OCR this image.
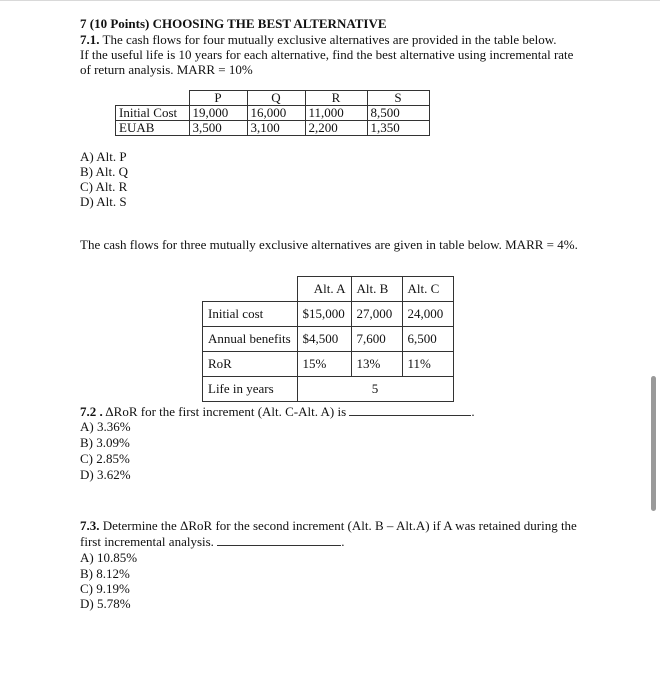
7 (10 Points) CHOOSING THE BEST ALTERNATIVE
7.1. The cash flows for four mutually exclusive alternatives are provided in the table below.
If the useful life is 10 years for each alternative, find the best alternative using incremental rate
of return analysis. MARR = 10%
	P	Q	R	S
Initial Cost	19,000	16,000	11,000	8,500
EUAB	3,500	3,100	2,200	1,350
A) Alt. P
B) Alt. Q
C) Alt. R
D) Alt. S
The cash flows for three mutually exclusive alternatives are given in table below. MARR = 4%.
	Alt. A	Alt. B	Alt. C
Initial cost	$15,000	27,000	24,000
Annual benefits	$4,500	7,600	6,500
RoR	15%	13%	11%
Life in years	5		
7.2 . ΔRoR for the first increment (Alt. C-Alt. A) is	.
A) 3.36%
B) 3.09%
C) 2.85%
D) 3.62%
7.3. Determine the ΔRoR for the second increment (Alt. B – Alt.A) if A was retained during the
first incremental analysis.	.
A) 10.85%
B) 8.12%
C) 9.19%
D) 5.78%
